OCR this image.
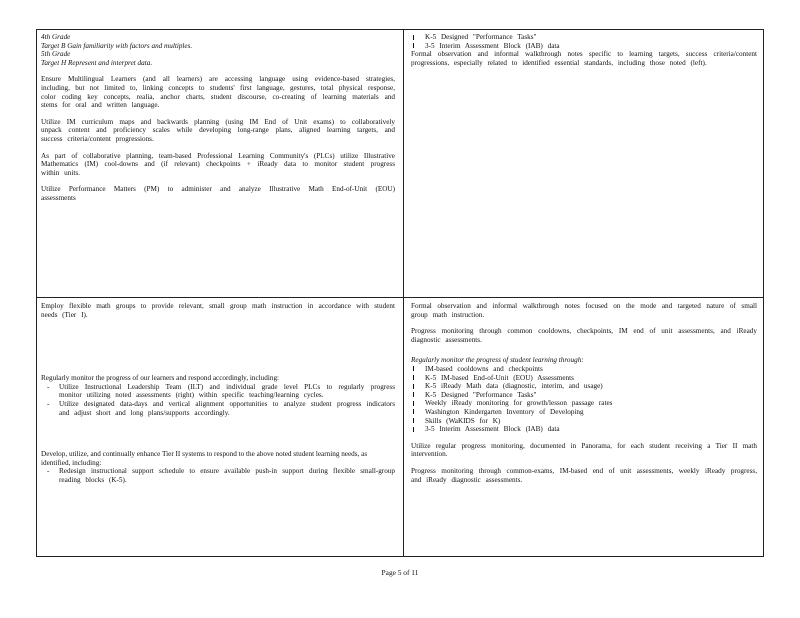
4th Grade
Target B Gain familiarity with factors and multiples.
5th Grade
Target H Represent and interpret data.

Ensure Multilingual Learners (and all learners) are accessing language using evidence-based strategies, including, but not limited to, linking concepts to students' first language, gestures, total physical response, color coding key concepts, realia, anchor charts, student discourse, co-creating of learning materials and stems for oral and written language.

Utilize IM curriculum maps and backwards planning (using IM End of Unit exams) to collaboratively unpack content and proficiency scales while developing long-range plans, aligned learning targets, and success criteria/content progressions.

As part of collaborative planning, team-based Professional Learning Community's (PLCs) utilize Illustrative Mathematics (IM) cool-downs and (if relevant) checkpoints + iReady data to monitor student progress within units.

Utilize Performance Matters (PM) to administer and analyze Illustrative Math End-of-Unit (EOU) assessments

K-5 Designed "Performance Tasks"
3-5 Interim Assessment Block (IAB) data

Formal observation and informal walkthrough notes specific to learning targets, success criteria/content progressions, especially related to identified essential standards, including those noted (left).

Employ flexible math groups to provide relevant, small group math instruction in accordance with student needs (Tier I).

Regularly monitor the progress of our learners and respond accordingly, including:
- Utilize Instructional Leadership Team (ILT) and individual grade level PLCs to regularly progress monitor utilizing noted assessments (right) within specific teaching/learning cycles.
- Utilize designated data-days and vertical alignment opportunities to analyze student progress indicators and adjust short and long plans/supports accordingly.
Develop, utilize, and continually enhance Tier II systems to respond to the above noted student learning needs, as identified, including:
- Redesign instructional support schedule to ensure available push-in support during flexible small-group reading blocks (K-5).

Formal observation and informal walkthrough notes focused on the mode and targeted nature of small group math instruction.

Progress monitoring through common cooldowns, checkpoints, IM end of unit assessments, and iReady diagnostic assessments.

Regularly monitor the progress of student learning through:
IM-based cooldowns and checkpoints
K-5 IM-based End-of-Unit (EOU) Assessments
K-5 iReady Math data (diagnostic, interim, and usage)
K-5 Designed "Performance Tasks"
Weekly iReady monitoring for growth/lesson passage rates
Washington Kindergarten Inventory of Developing
Skills (WaKIDS for K)
3-5 Interim Assessment Block (IAB) data

Utilize regular progress monitoring, documented in Panorama, for each student receiving a Tier II math intervention.

Progress monitoring through common-exams, IM-based end of unit assessments, weekly iReady progress, and iReady diagnostic assessments.

Page 5 of 11
